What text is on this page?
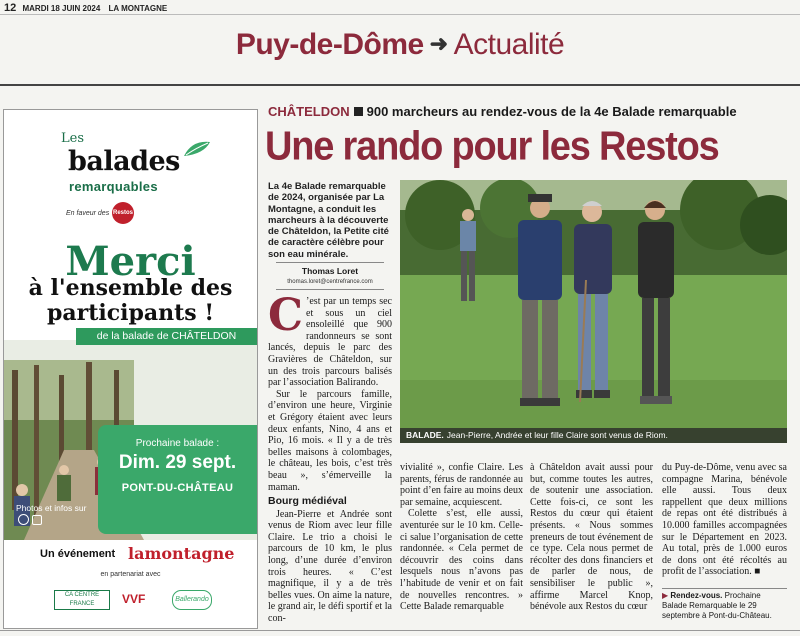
12 MARDI 18 JUIN 2024 LA MONTAGNE
Puy-de-Dôme ➜ Actualité
Les
balades
remarquables
En faveur des Restos
Merci
à l'ensemble des participants !
de la balade de CHÂTELDON
Prochaine balade :
Dim. 29 sept.
PONT-DU-CHÂTEAU
Photos et infos sur
Un événement lamontagne
en partenariat avec
CA CENTRE FRANCE	VVF	Ballerando
CHÂTELDON 900 marcheurs au rendez-vous de la 4e Balade remarquable
Une rando pour les Restos
La 4e Balade remarquable de 2024, organisée par La Montagne, a conduit les marcheurs à la découverte de Châteldon, la Petite cité de caractère célèbre pour son eau minérale.
Thomas Loret
thomas.loret@centrefrance.com

C ’est par un temps sec et sous un ciel ensoleillé que 900 randonneurs se sont lancés, depuis le parc des Gravières de Châteldon, sur un des trois parcours balisés par l’association Balirando.

Sur le parcours famille, d’environ une heure, Virginie et Grégory étaient avec leurs deux enfants, Nino, 4 ans et Pio, 16 mois. « Il y a de très belles maisons à colombages, le château, les bois, c’est très beau », s’émerveille la maman.

Bourg médiéval

Jean-Pierre et Andrée sont venus de Riom avec leur fille Claire. Le trio a choisi le parcours de 10 km, le plus long, d’une durée d’environ trois heures. « C’est magnifique, il y a de très belles vues. On aime la nature, le grand air, le défi sportif et la con-

BALADE. Jean-Pierre, Andrée et leur fille Claire sont venus de Riom.

vivialité », confie Claire. Les parents, férus de randonnée au point d’en faire au moins deux par semaine, acquiescent.

Colette s’est, elle aussi, aventurée sur le 10 km. Celle-ci salue l’organisation de cette randonnée. « Cela permet de découvrir des coins dans lesquels nous n’avons pas l’habitude de venir et on fait de nouvelles rencontres. » Cette Balade remarquable

à Châteldon avait aussi pour but, comme toutes les autres, de soutenir une association. Cette fois-ci, ce sont les Restos du cœur qui étaient présents. « Nous sommes preneurs de tout événement de ce type. Cela nous permet de récolter des dons financiers et de parler de nous, de sensibiliser le public », affirme Marcel Knop, bénévole aux Restos du cœur

du Puy-de-Dôme, venu avec sa compagne Marina, bénévole elle aussi. Tous deux rappellent que deux millions de repas ont été distribués à 10.000 familles accompagnées sur le Département en 2023. Au total, près de 1.000 euros de dons ont été récoltés au profit de l’association. ■

▶ Rendez-vous. Prochaine Balade Remarquable le 29 septembre à Pont-du-Château.
